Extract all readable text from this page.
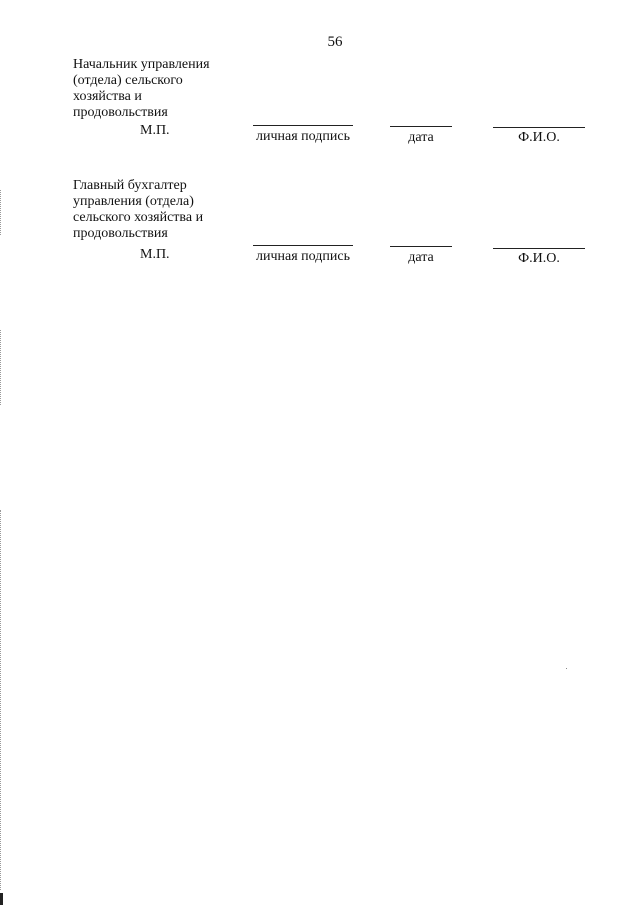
56
Начальник управления
(отдела) сельского
хозяйства и
продовольствия
М.П.	личная подпись	дата	Ф.И.О.
Главный бухгалтер
управления (отдела)
сельского хозяйства и
продовольствия
М.П.	личная подпись	дата	Ф.И.О.
